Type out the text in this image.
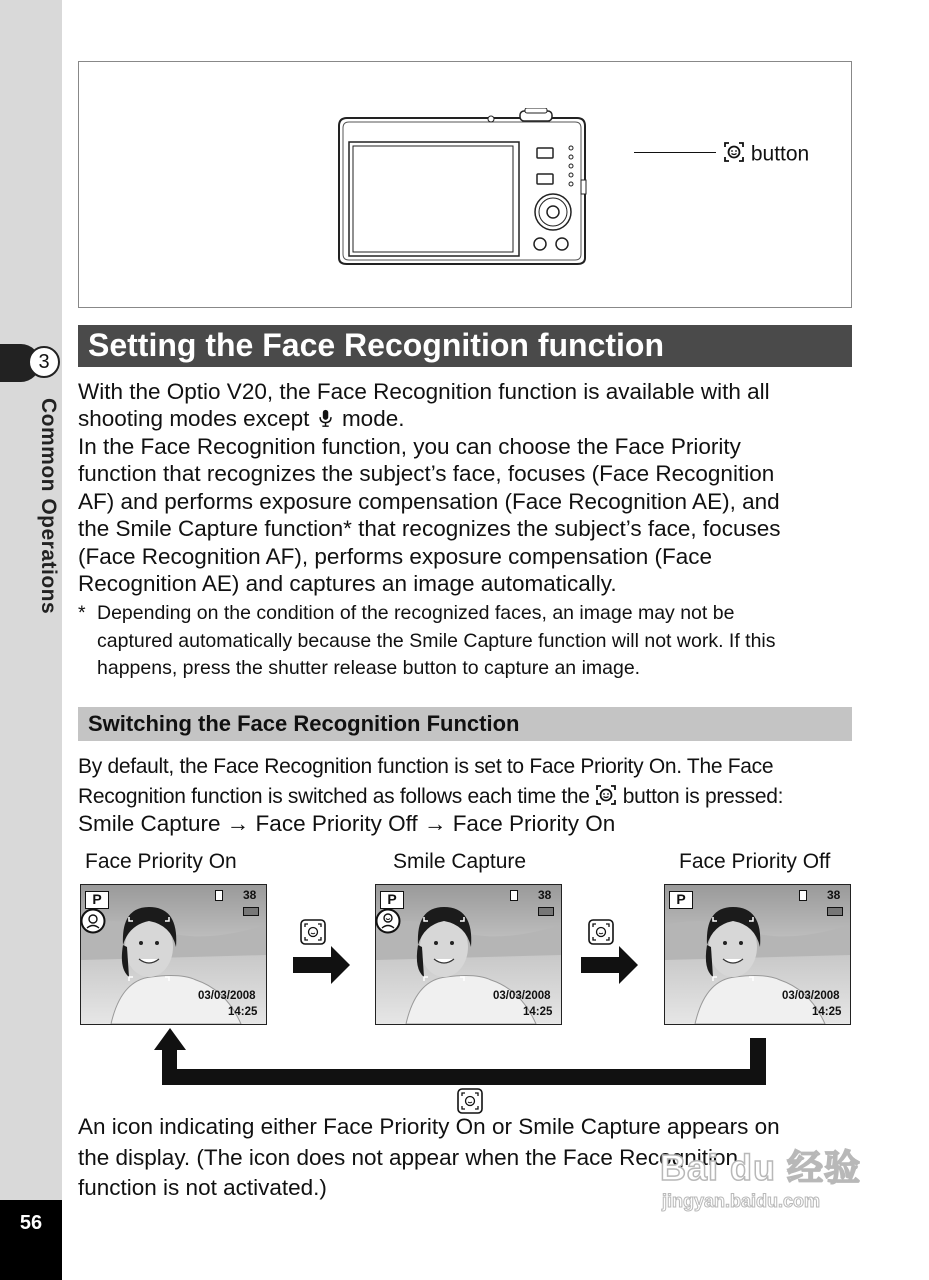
3
Common Operations
56
button
Setting the Face Recognition function
With the Optio V20, the Face Recognition function is available with all
shooting modes except mode.
In the Face Recognition function, you can choose the Face Priority
function that recognizes the subject’s face, focuses (Face Recognition
AF) and performs exposure compensation (Face Recognition AE), and
the Smile Capture function* that recognizes the subject’s face, focuses
(Face Recognition AF), performs exposure compensation (Face
Recognition AE) and captures an image automatically.
* Depending on the condition of the recognized faces, an image may not be
captured automatically because the Smile Capture function will not work. If this
happens, press the shutter release button to capture an image.
Switching the Face Recognition Function
By default, the Face Recognition function is set to Face Priority On. The Face
Recognition function is switched as follows each time the button is pressed:
Smile Capture → Face Priority Off → Face Priority On
Face Priority On	Smile Capture	Face Priority Off
P	P	P
38	38	38
03/03/2008	03/03/2008	03/03/2008
14:25	14:25	14:25
An icon indicating either Face Priority On or Smile Capture appears on
the display. (The icon does not appear when the Face Recognition
function is not activated.)	Bai du 经验
jingyan.baidu.com
